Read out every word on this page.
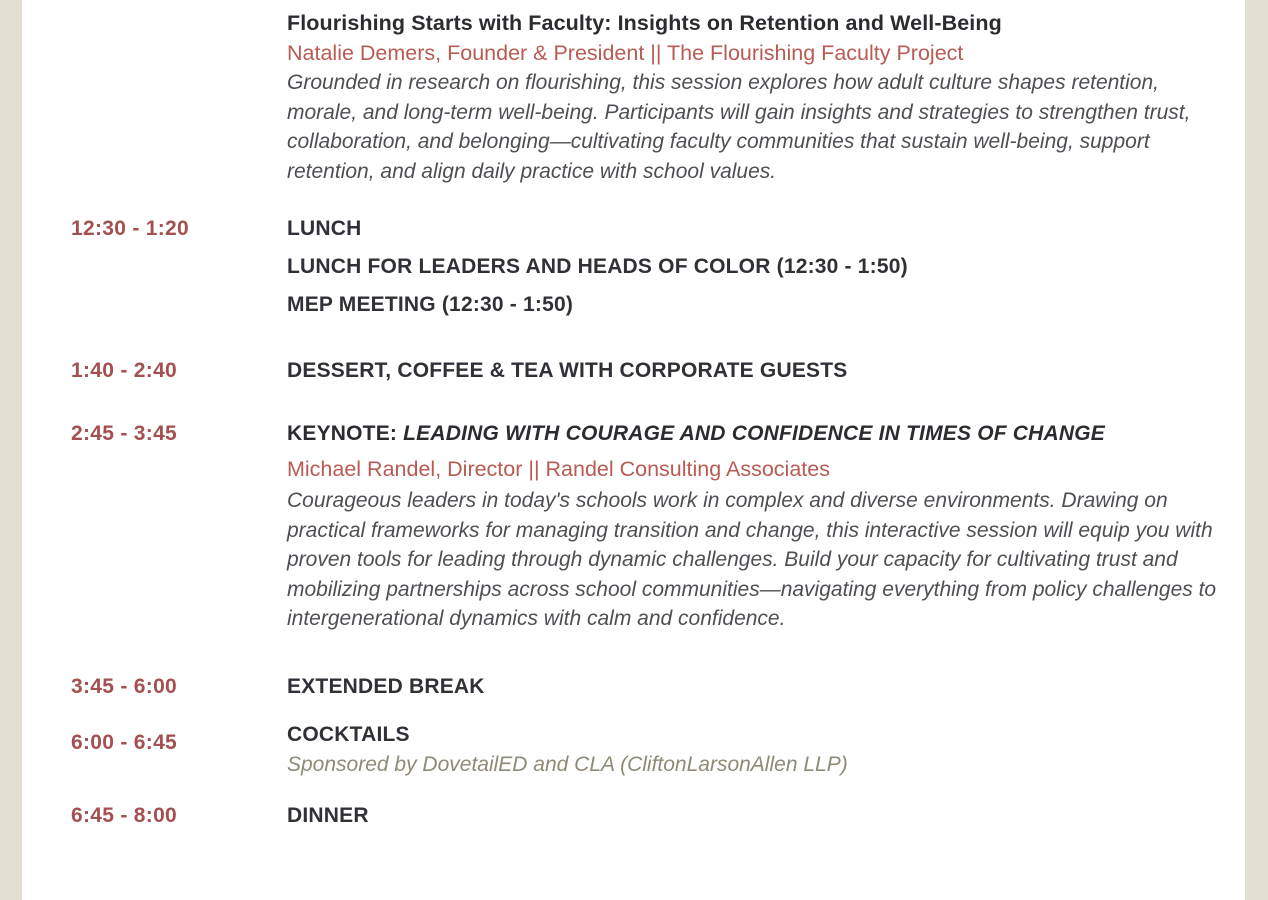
Flourishing Starts with Faculty: Insights on Retention and Well-Being
Natalie Demers, Founder & President || The Flourishing Faculty Project
Grounded in research on flourishing, this session explores how adult culture shapes retention, morale, and long-term well-being. Participants will gain insights and strategies to strengthen trust, collaboration, and belonging—cultivating faculty communities that sustain well-being, support retention, and align daily practice with school values.
12:30 - 1:20	LUNCH
LUNCH FOR LEADERS AND HEADS OF COLOR (12:30 - 1:50)
MEP MEETING (12:30 - 1:50)
1:40 - 2:40	DESSERT, COFFEE & TEA WITH CORPORATE GUESTS
2:45 - 3:45	KEYNOTE: LEADING WITH COURAGE AND CONFIDENCE IN TIMES OF CHANGE
Michael Randel, Director || Randel Consulting Associates
Courageous leaders in today's schools work in complex and diverse environments. Drawing on practical frameworks for managing transition and change, this interactive session will equip you with proven tools for leading through dynamic challenges. Build your capacity for cultivating trust and mobilizing partnerships across school communities—navigating everything from policy challenges to intergenerational dynamics with calm and confidence.
3:45 - 6:00	EXTENDED BREAK
6:00 - 6:45	COCKTAILS
Sponsored by DovetailED and CLA (CliftonLarsonAllen LLP)
6:45 - 8:00	DINNER
